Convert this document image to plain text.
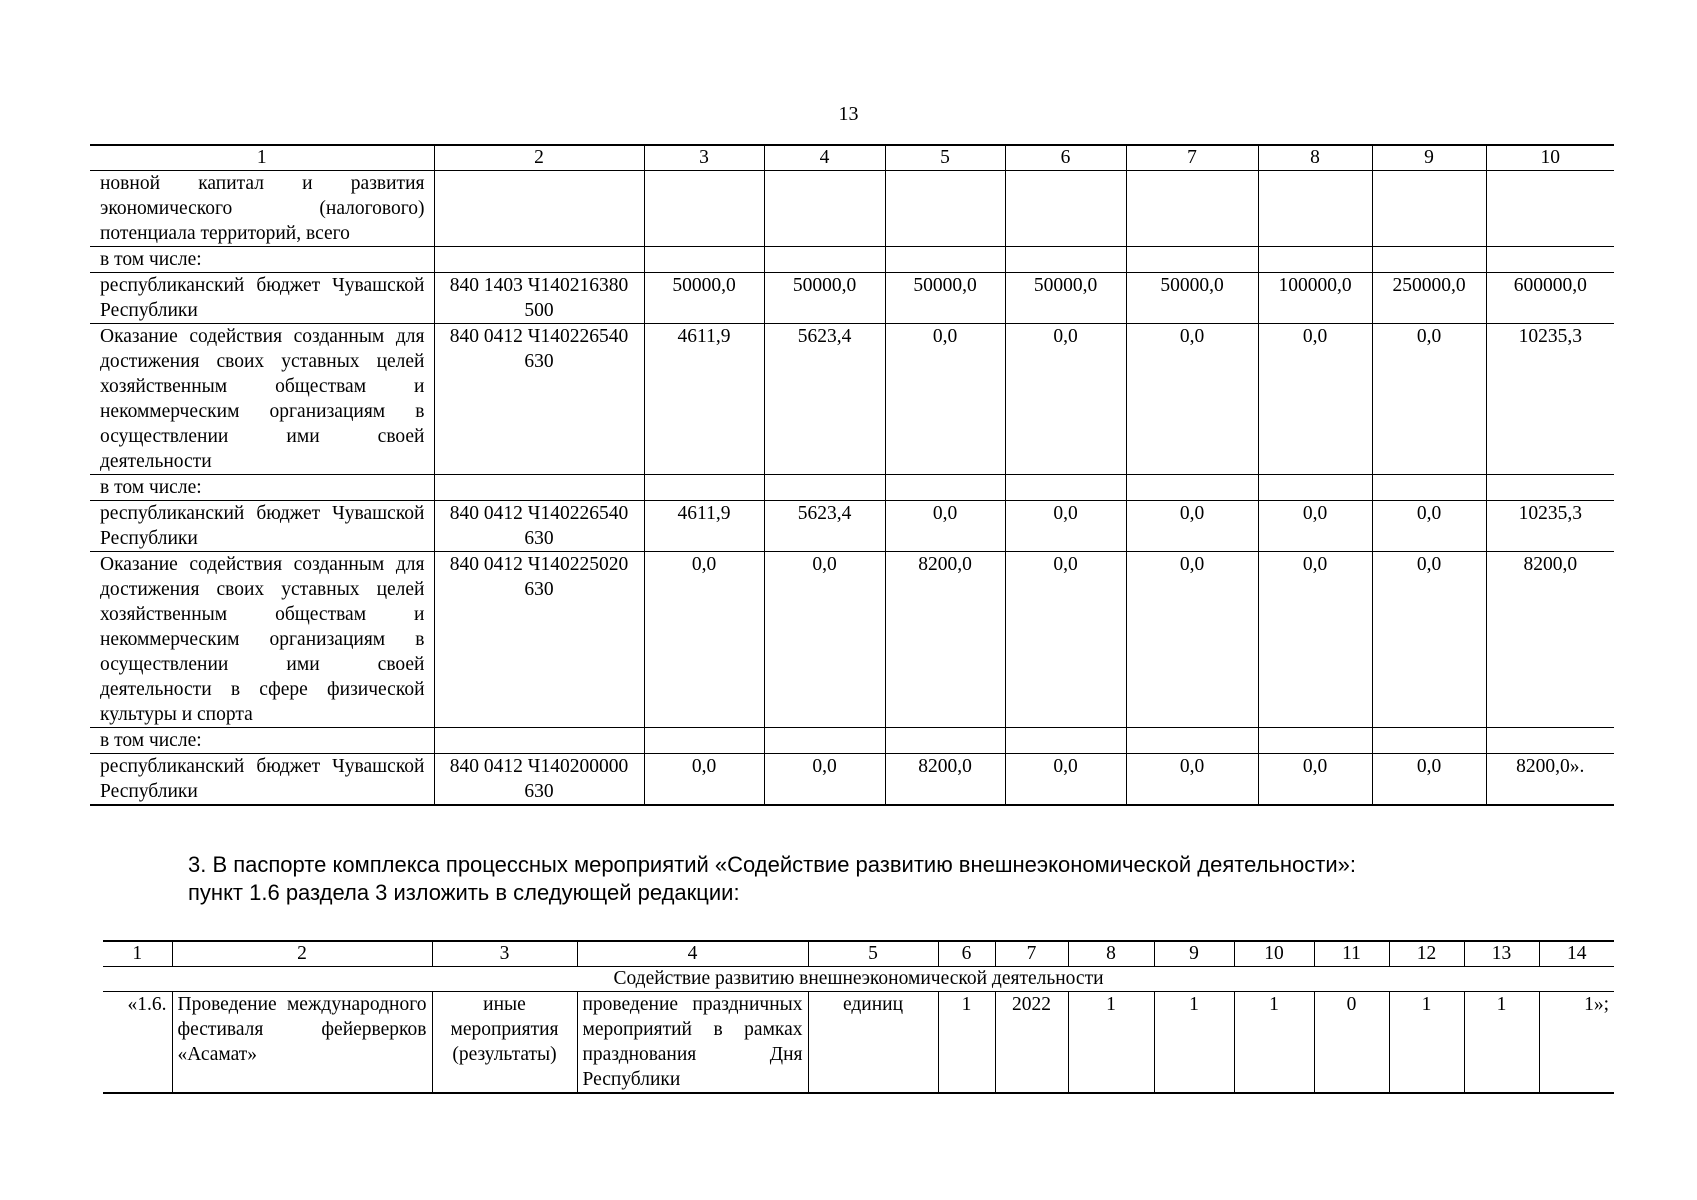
13
1	2	3	4	5	6	7	8	9	10
новной капитал и развития экономического (налогового) потенциала территорий, всего									
в том числе:									
республиканский бюджет Чувашской Республики	840 1403 Ч140216380 500	50000,0	50000,0	50000,0	50000,0	50000,0	100000,0	250000,0	600000,0
Оказание содействия созданным для достижения своих уставных целей хозяйственным обществам и некоммерческим организациям в осуществлении ими своей деятельности	840 0412 Ч140226540 630	4611,9	5623,4	0,0	0,0	0,0	0,0	0,0	10235,3
в том числе:									
республиканский бюджет Чувашской Республики	840 0412 Ч140226540 630	4611,9	5623,4	0,0	0,0	0,0	0,0	0,0	10235,3
Оказание содействия созданным для достижения своих уставных целей хозяйственным обществам и некоммерческим организациям в осуществлении ими своей деятельности в сфере физической культуры и спорта	840 0412 Ч140225020 630	0,0	0,0	8200,0	0,0	0,0	0,0	0,0	8200,0
в том числе:									
республиканский бюджет Чувашской Республики	840 0412 Ч140200000 630	0,0	0,0	8200,0	0,0	0,0	0,0	0,0	8200,0».
3. В паспорте комплекса процессных мероприятий «Содействие развитию внешнеэкономической деятельности»:
пункт 1.6 раздела 3 изложить в следующей редакции:
1	2	3	4	5	6	7	8	9	10	11	12	13	14
Содействие развитию внешнеэкономической деятельности													
«1.6.	Проведение международного фестиваля фейерверков «Асамат»	иные мероприятия (результаты)	проведение праздничных мероприятий в рамках празднования Дня Республики	единиц	1	2022	1	1	1	0	1	1	1»;
